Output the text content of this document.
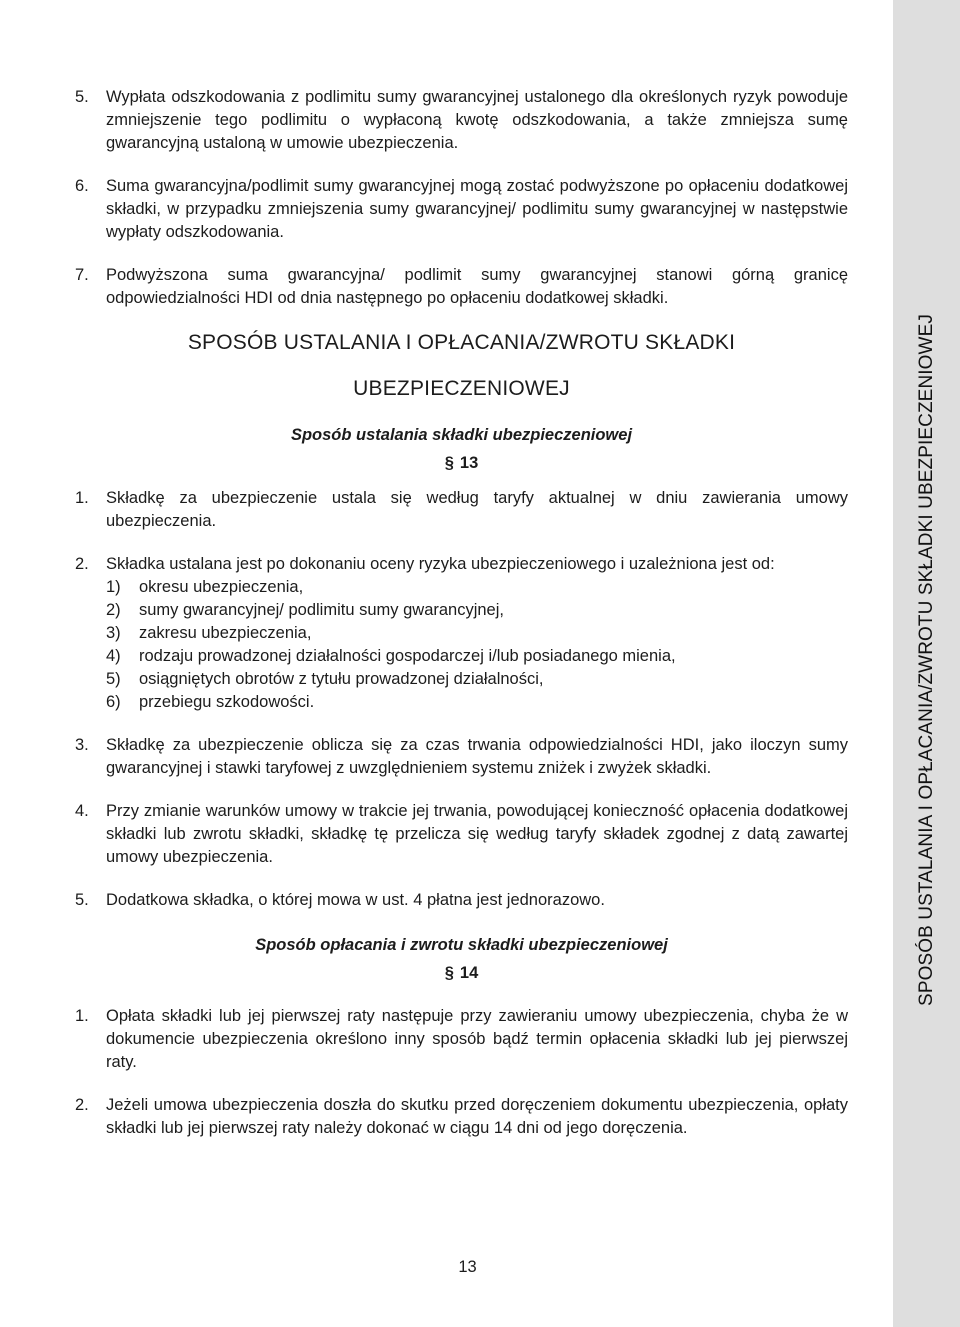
SPOSÓB USTALANIA I OPŁACANIA/ZWROTU SKŁADKI UBEZPIECZENIOWEJ
5.	Wypłata odszkodowania z podlimitu sumy gwarancyjnej ustalonego dla określonych ryzyk powoduje zmniejszenie tego podlimitu o wypłaconą kwotę odszkodowania, a także zmniejsza sumę gwarancyjną ustaloną w umowie ubezpieczenia.
6.	Suma gwarancyjna/podlimit sumy gwarancyjnej mogą zostać podwyższone po opłaceniu dodatkowej składki, w przypadku zmniejszenia sumy gwarancyjnej/ podlimitu sumy gwarancyjnej w następstwie wypłaty odszkodowania.
7.	Podwyższona suma gwarancyjna/ podlimit sumy gwarancyjnej stanowi górną granicę odpowiedzialności HDI od dnia następnego po opłaceniu dodatkowej składki.
SPOSÓB USTALANIA I OPŁACANIA/ZWROTU SKŁADKI
UBEZPIECZENIOWEJ
Sposób ustalania składki ubezpieczeniowej
§ 13
1.	Składkę za ubezpieczenie ustala się według taryfy aktualnej w dniu zawierania umowy ubezpieczenia.
2.	Składka ustalana jest po dokonaniu oceny ryzyka ubezpieczeniowego i uzależniona jest od:
1)	okresu ubezpieczenia,
2)	sumy gwarancyjnej/ podlimitu sumy gwarancyjnej,
3)	zakresu ubezpieczenia,
4)	rodzaju prowadzonej działalności gospodarczej i/lub posiadanego mienia,
5)	osiągniętych obrotów z tytułu prowadzonej działalności,
6)	przebiegu szkodowości.
3.	Składkę za ubezpieczenie oblicza się za czas trwania odpowiedzialności HDI, jako iloczyn sumy gwarancyjnej i stawki taryfowej z uwzględnieniem systemu zniżek i zwyżek składki.
4.	Przy zmianie warunków umowy w trakcie jej trwania, powodującej konieczność opłacenia dodatkowej składki lub zwrotu składki, składkę tę przelicza się według taryfy składek zgodnej z datą zawartej umowy ubezpieczenia.
5.	Dodatkowa składka, o której mowa w ust. 4 płatna jest jednorazowo.
Sposób opłacania i zwrotu składki ubezpieczeniowej
§ 14
1.	Opłata składki lub jej pierwszej raty następuje przy zawieraniu umowy ubezpieczenia, chyba że w dokumencie ubezpieczenia określono inny sposób bądź termin opłacenia składki lub jej pierwszej raty.
2.	Jeżeli umowa ubezpieczenia doszła do skutku przed doręczeniem dokumentu ubezpieczenia, opłaty składki lub jej pierwszej raty należy dokonać w ciągu 14 dni od jego doręczenia.
13
